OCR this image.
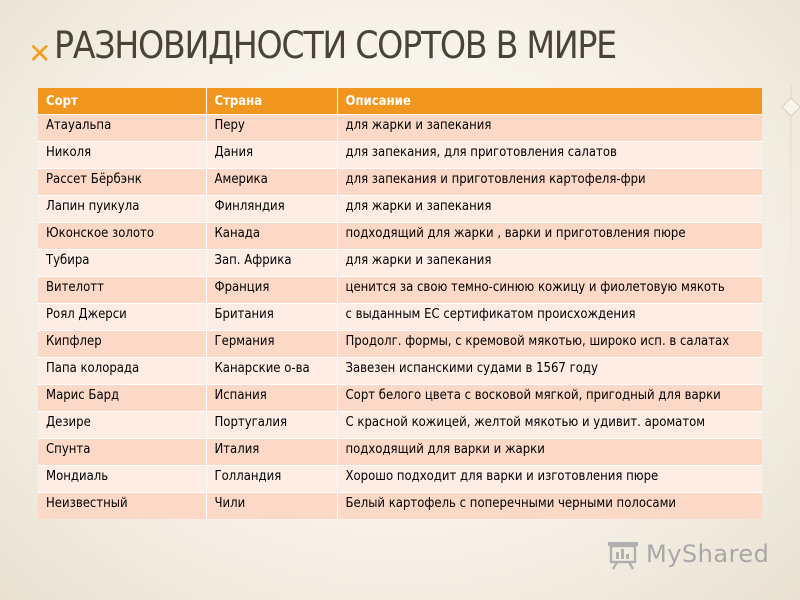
✕ РАЗНОВИДНОСТИ СОРТОВ В МИРЕ
Сорт	Страна	Описание
Атауальпа	Перу	для жарки и запекания
Николя	Дания	для запекания, для приготовления салатов
Рассет Бёрбэнк	Америка	для запекания и приготовления картофеля-фри
Лапин пуикула	Финляндия	для жарки и запекания
Юконское золото	Канада	подходящий для жарки , варки и приготовления пюре
Тубира	Зап. Африка	для жарки и запекания
Вителотт	Франция	ценится за свою темно-синюю кожицу и фиолетовую мякоть
Роял Джерси	Британия	с выданным ЕС сертификатом происхождения
Кипфлер	Германия	Продолг. формы, с кремовой мякотью, широко исп. в салатах
Папа колорада	Канарские о-ва	Завезен испанскими судами в 1567 году
Марис Бард	Испания	Сорт белого цвета с восковой мягкой, пригодный для варки
Дезире	Португалия	С красной кожицей, желтой мякотью и удивит. ароматом
Спунта	Италия	подходящий для варки и жарки
Мондиаль	Голландия	Хорошо подходит для варки и изготовления пюре
Неизвестный	Чили	Белый картофель с поперечными черными полосами
MyShared
